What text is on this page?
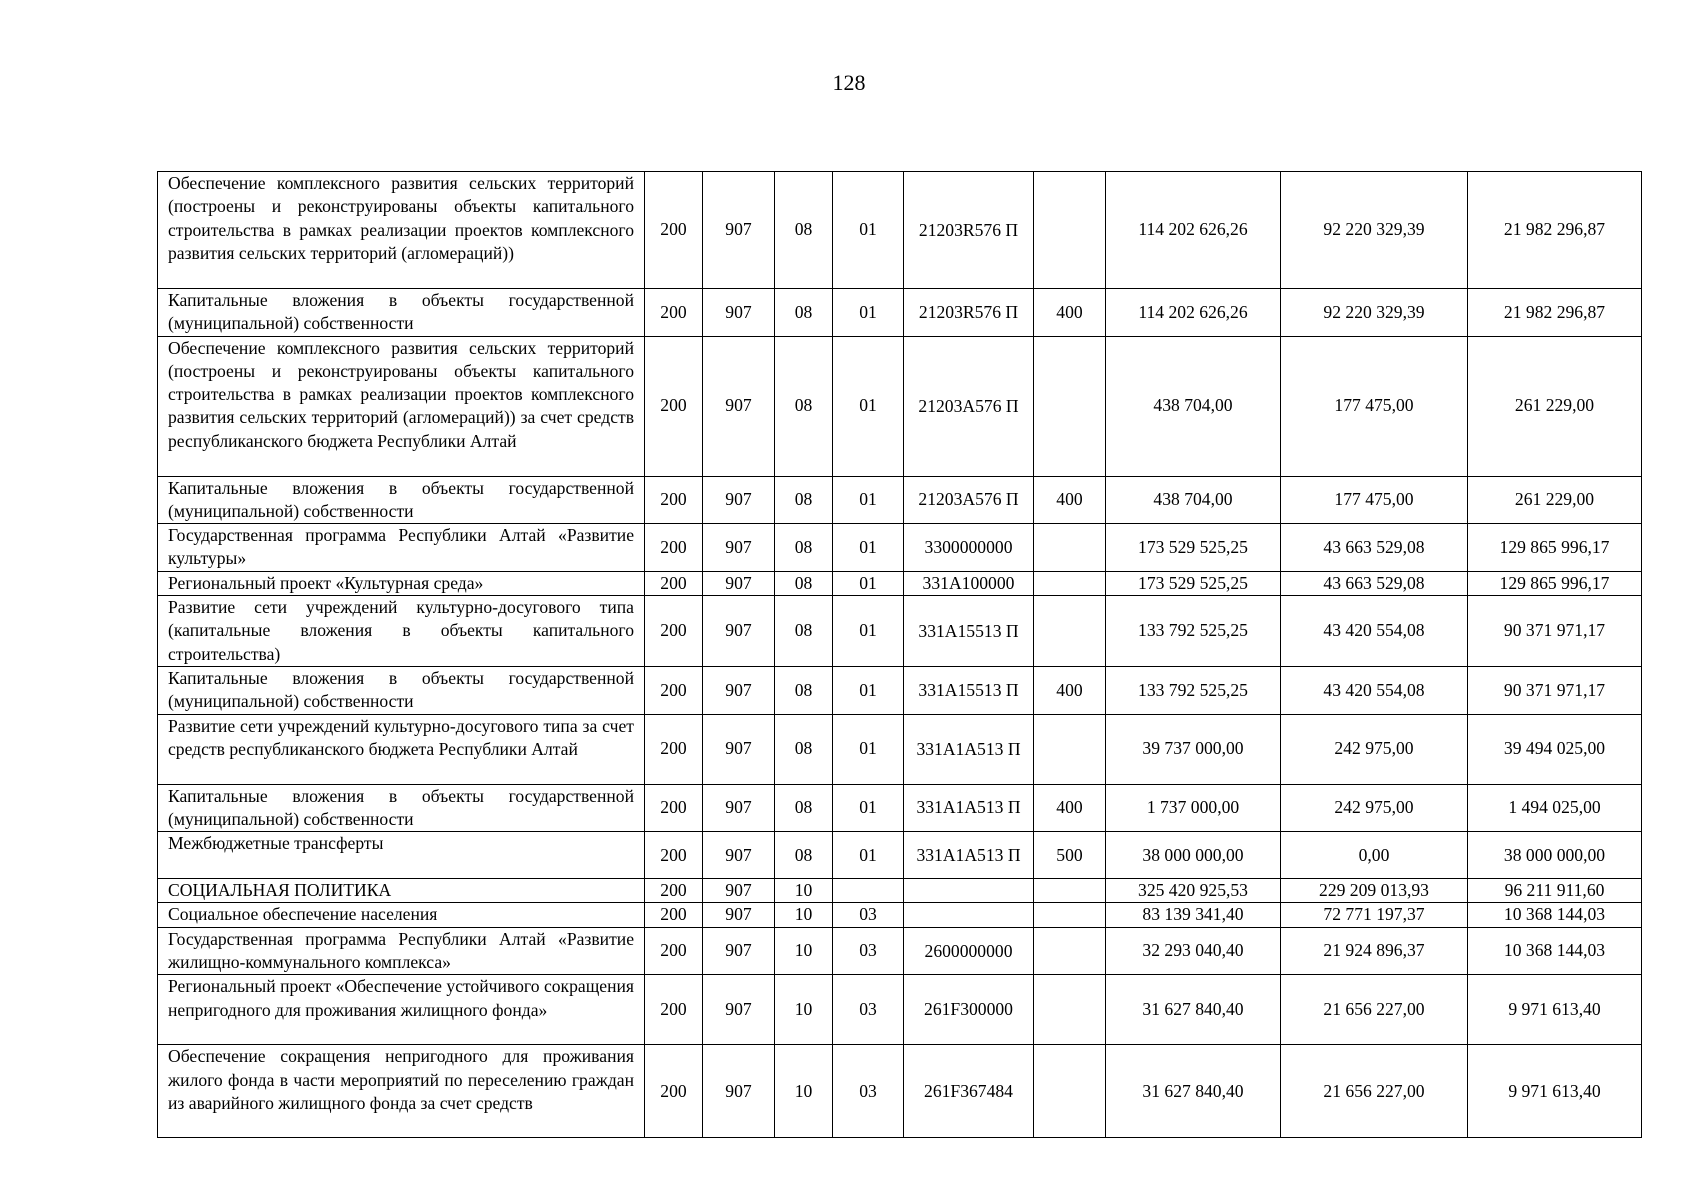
128
Обеспечение комплексного развития сельских территорий (построены и реконструированы объекты капитального строительства в рамках реализации проектов комплексного развития сельских территорий (агломераций))	200	907	08	01	21203R576 П		114 202 626,26	92 220 329,39	21 982 296,87
Капитальные вложения в объекты государственной (муниципальной) собственности	200	907	08	01	21203R576 П	400	114 202 626,26	92 220 329,39	21 982 296,87
Обеспечение комплексного развития сельских территорий (построены и реконструированы объекты капитального строительства в рамках реализации проектов комплексного развития сельских территорий (агломераций)) за счет средств республиканского бюджета Республики Алтай	200	907	08	01	21203A576 П		438 704,00	177 475,00	261 229,00
Капитальные вложения в объекты государственной (муниципальной) собственности	200	907	08	01	21203A576 П	400	438 704,00	177 475,00	261 229,00
Государственная программа Республики Алтай «Развитие культуры»	200	907	08	01	3300000000		173 529 525,25	43 663 529,08	129 865 996,17
Региональный проект «Культурная среда»	200	907	08	01	331A100000		173 529 525,25	43 663 529,08	129 865 996,17
Развитие сети учреждений культурно-досугового типа (капитальные вложения в объекты капитального строительства)	200	907	08	01	331A15513 П		133 792 525,25	43 420 554,08	90 371 971,17
Капитальные вложения в объекты государственной (муниципальной) собственности	200	907	08	01	331A15513 П	400	133 792 525,25	43 420 554,08	90 371 971,17
Развитие сети учреждений культурно-досугового типа за счет средств республиканского бюджета Республики Алтай	200	907	08	01	331A1A513 П		39 737 000,00	242 975,00	39 494 025,00
Капитальные вложения в объекты государственной (муниципальной) собственности	200	907	08	01	331A1A513 П	400	1 737 000,00	242 975,00	1 494 025,00
Межбюджетные трансферты	200	907	08	01	331A1A513 П	500	38 000 000,00	0,00	38 000 000,00
СОЦИАЛЬНАЯ ПОЛИТИКА	200	907	10				325 420 925,53	229 209 013,93	96 211 911,60
Социальное обеспечение населения	200	907	10	03			83 139 341,40	72 771 197,37	10 368 144,03
Государственная программа Республики Алтай «Развитие жилищно-коммунального комплекса»	200	907	10	03	2600000000		32 293 040,40	21 924 896,37	10 368 144,03
Региональный проект «Обеспечение устойчивого сокращения непригодного для проживания жилищного фонда»	200	907	10	03	261F300000		31 627 840,40	21 656 227,00	9 971 613,40
Обеспечение сокращения непригодного для проживания жилого фонда в части мероприятий по переселению граждан из аварийного жилищного фонда за счет средств	200	907	10	03	261F367484		31 627 840,40	21 656 227,00	9 971 613,40
